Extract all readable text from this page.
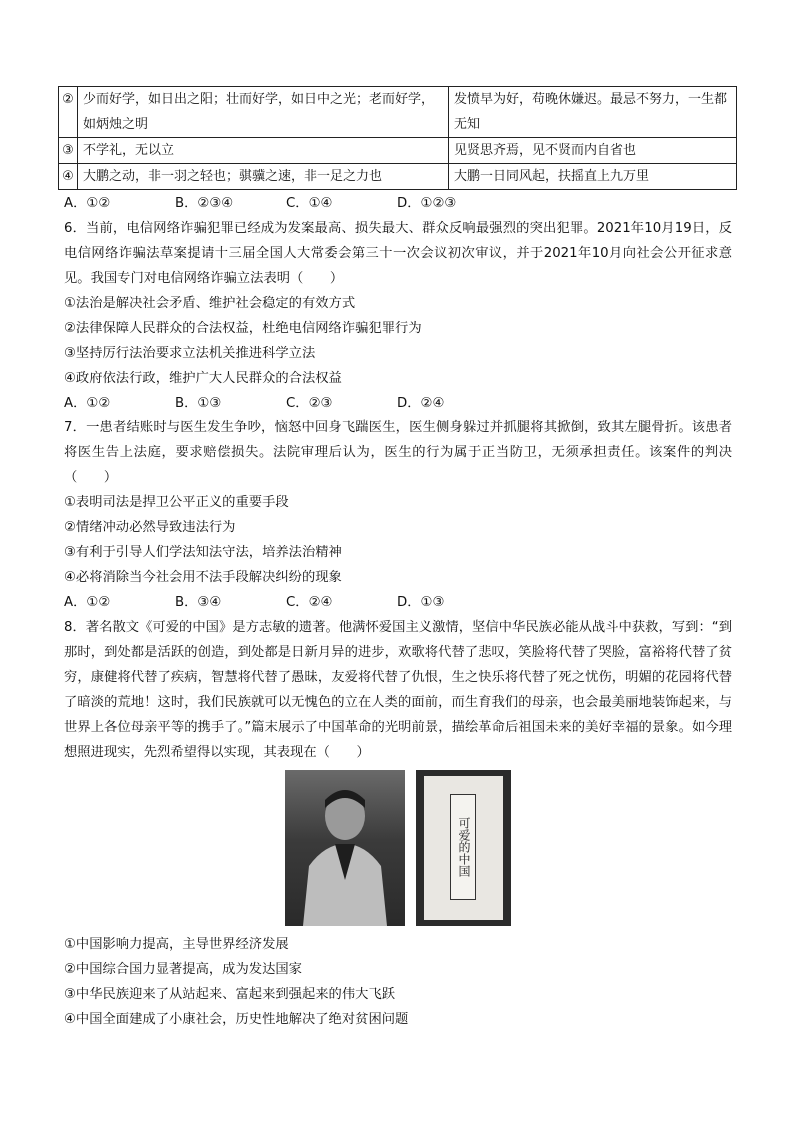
②	少而好学，如日出之阳；壮而好学，如日中之光；老而好学，如炳烛之明	发愤早为好，苟晚休嫌迟。最忌不努力，一生都无知
③	不学礼，无以立	见贤思齐焉，见不贤而内自省也
④	大鹏之动，非一羽之轻也；骐骥之速，非一足之力也	大鹏一日同风起，扶摇直上九万里
A．①②	B．②③④	C．①④	D．①②③
6．当前，电信网络诈骗犯罪已经成为发案最高、损失最大、群众反响最强烈的突出犯罪。2021年10月19日，反电信网络诈骗法草案提请十三届全国人大常委会第三十一次会议初次审议，并于2021年10月向社会公开征求意见。我国专门对电信网络诈骗立法表明（　　）
①法治是解决社会矛盾、维护社会稳定的有效方式
②法律保障人民群众的合法权益，杜绝电信网络诈骗犯罪行为
③坚持厉行法治要求立法机关推进科学立法
④政府依法行政，维护广大人民群众的合法权益
A．①②	B．①③	C．②③	D．②④
7．一患者结账时与医生发生争吵，恼怒中回身飞踹医生，医生侧身躲过并抓腿将其掀倒，致其左腿骨折。该患者将医生告上法庭，要求赔偿损失。法院审理后认为，医生的行为属于正当防卫，无须承担责任。该案件的判决（　　）
①表明司法是捍卫公平正义的重要手段
②情绪冲动必然导致违法行为
③有利于引导人们学法知法守法，培养法治精神
④必将消除当今社会用不法手段解决纠纷的现象
A．①②	B．③④	C．②④	D．①③
8．著名散文《可爱的中国》是方志敏的遗著。他满怀爱国主义激情，坚信中华民族必能从战斗中获救，写到：“到那时，到处都是活跃的创造，到处都是日新月异的进步，欢歌将代替了悲叹，笑脸将代替了哭脸，富裕将代替了贫穷，康健将代替了疾病，智慧将代替了愚昧，友爱将代替了仇恨，生之快乐将代替了死之忧伤，明媚的花园将代替了暗淡的荒地！这时，我们民族就可以无愧色的立在人类的面前，而生育我们的母亲，也会最美丽地装饰起来，与世界上各位母亲平等的携手了。”篇末展示了中国革命的光明前景，描绘革命后祖国未来的美好幸福的景象。如今理想照进现实，先烈希望得以实现，其表现在（　　）
可爱的中国
①中国影响力提高，主导世界经济发展
②中国综合国力显著提高，成为发达国家
③中华民族迎来了从站起来、富起来到强起来的伟大飞跃
④中国全面建成了小康社会，历史性地解决了绝对贫困问题
